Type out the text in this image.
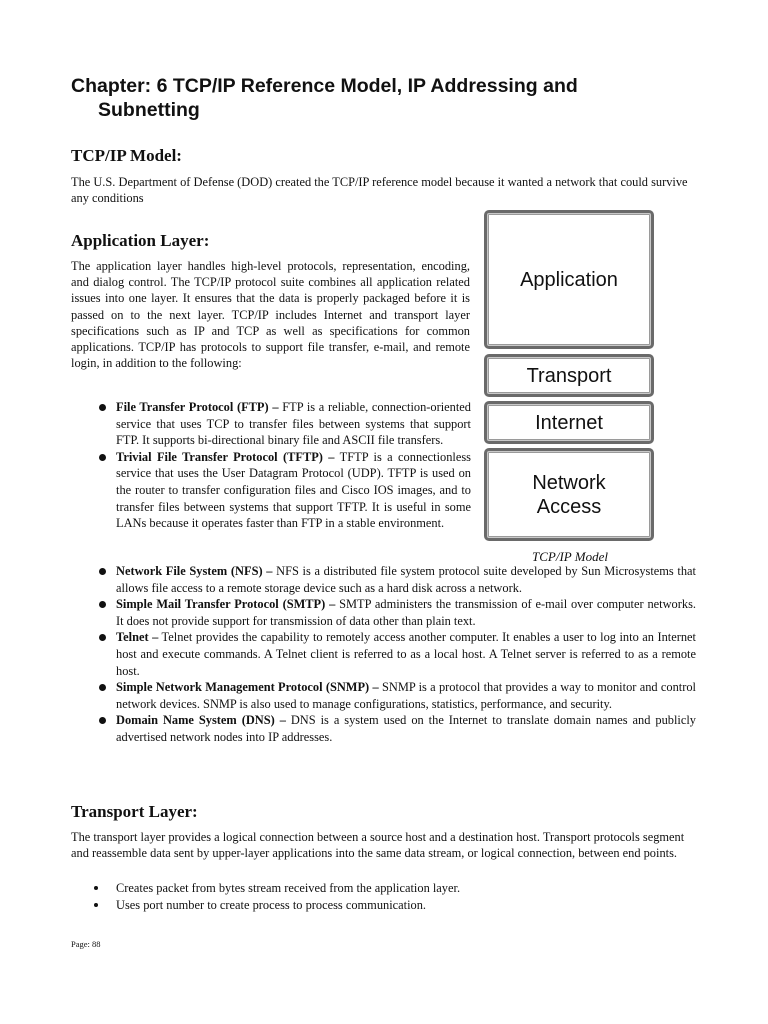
Chapter: 6 TCP/IP Reference Model, IP Addressing and
Subnetting
TCP/IP Model:

The U.S. Department of Defense (DOD) created the TCP/IP reference model because it wanted a network that could survive any conditions

Application Layer:

The application layer handles high-level protocols, representation, encoding, and dialog control. The TCP/IP protocol suite combines all application related issues into one layer. It ensures that the data is properly packaged before it is passed on to the next layer. TCP/IP includes Internet and transport layer specifications such as IP and TCP as well as specifications for common applications. TCP/IP has protocols to support file transfer, e-mail, and remote login, in addition to the following:

File Transfer Protocol (FTP) – FTP is a reliable, connection-oriented service that uses TCP to transfer files between systems that support FTP. It supports bi-directional binary file and ASCII file transfers.
Trivial File Transfer Protocol (TFTP) – TFTP is a connectionless service that uses the User Datagram Protocol (UDP). TFTP is used on the router to transfer configuration files and Cisco IOS images, and to transfer files between systems that support TFTP. It is useful in some LANs because it operates faster than FTP in a stable environment.
Network File System (NFS) – NFS is a distributed file system protocol suite developed by Sun Microsystems that allows file access to a remote storage device such as a hard disk across a network.
Simple Mail Transfer Protocol (SMTP) – SMTP administers the transmission of e-mail over computer networks. It does not provide support for transmission of data other than plain text.
Telnet – Telnet provides the capability to remotely access another computer. It enables a user to log into an Internet host and execute commands. A Telnet client is referred to as a local host. A Telnet server is referred to as a remote host.
Simple Network Management Protocol (SNMP) – SNMP is a protocol that provides a way to monitor and control network devices. SNMP is also used to manage configurations, statistics, performance, and security.
Domain Name System (DNS) – DNS is a system used on the Internet to translate domain names and publicly advertised network nodes into IP addresses.
Application
Transport
Internet
Network
Access
TCP/IP Model
Transport Layer:

The transport layer provides a logical connection between a source host and a destination host. Transport protocols segment and reassemble data sent by upper-layer applications into the same data stream, or logical connection, between end points.

Creates packet from bytes stream received from the application layer.
Uses port number to create process to process communication.
Page: 88
